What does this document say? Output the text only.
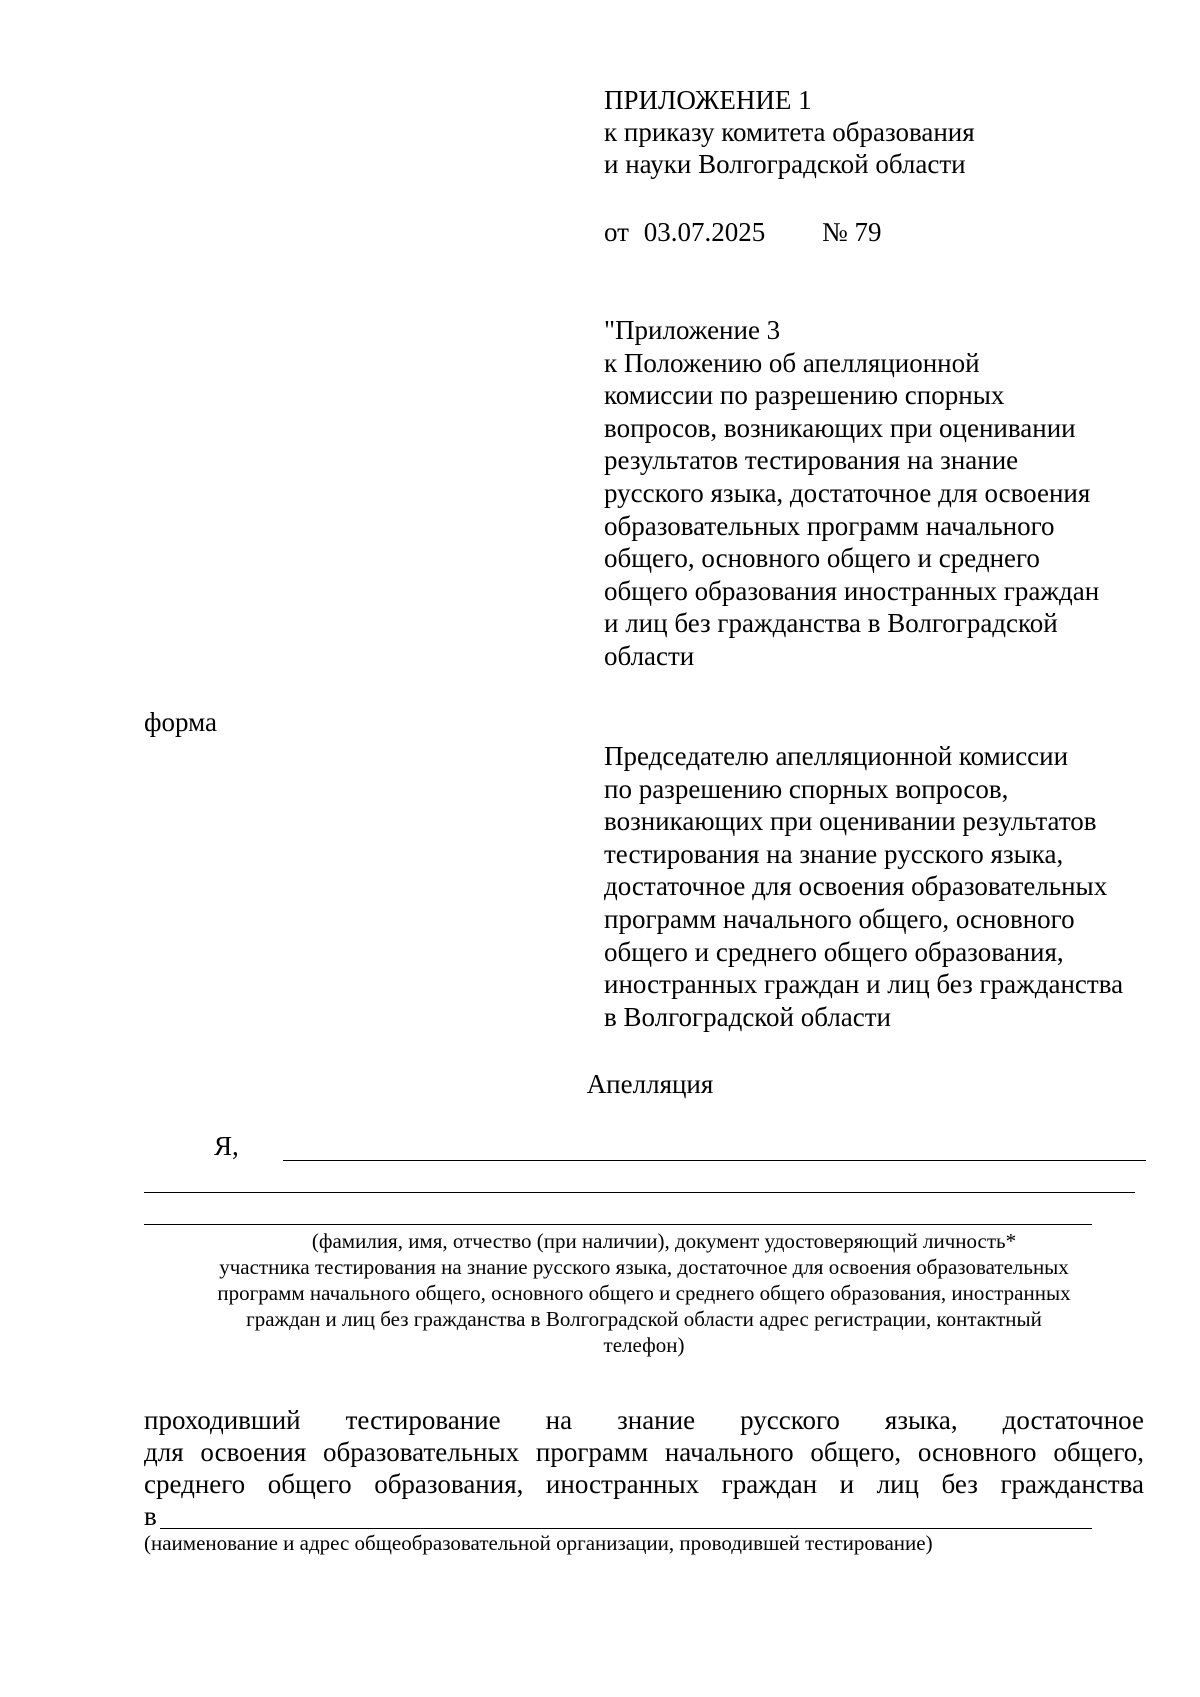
ПРИЛОЖЕНИЕ 1
к приказу комитета образования
и науки Волгоградской области
от 03.07.2025 № 79
"Приложение 3
к Положению об апелляционной
комиссии по разрешению спорных
вопросов, возникающих при оценивании
результатов тестирования на знание
русского языка, достаточное для освоения
образовательных программ начального
общего, основного общего и среднего
общего образования иностранных граждан
и лиц без гражданства в Волгоградской
области
форма
Председателю апелляционной комиссии
по разрешению спорных вопросов,
возникающих при оценивании результатов
тестирования на знание русского языка,
достаточное для освоения образовательных
программ начального общего, основного
общего и среднего общего образования,
иностранных граждан и лиц без гражданства
в Волгоградской области
Апелляция
Я,
(фамилия, имя, отчество (при наличии), документ удостоверяющий личность*
участника тестирования на знание русского языка, достаточное для освоения образовательных
программ начального общего, основного общего и среднего общего образования, иностранных
граждан и лиц без гражданства в Волгоградской области адрес регистрации, контактный
телефон)
проходивший тестирование на знание русского языка, достаточное
для освоения образовательных программ начального общего, основного общего,
среднего общего образования, иностранных граждан и лиц без гражданства
в
(наименование и адрес общеобразовательной организации, проводившей тестирование)
